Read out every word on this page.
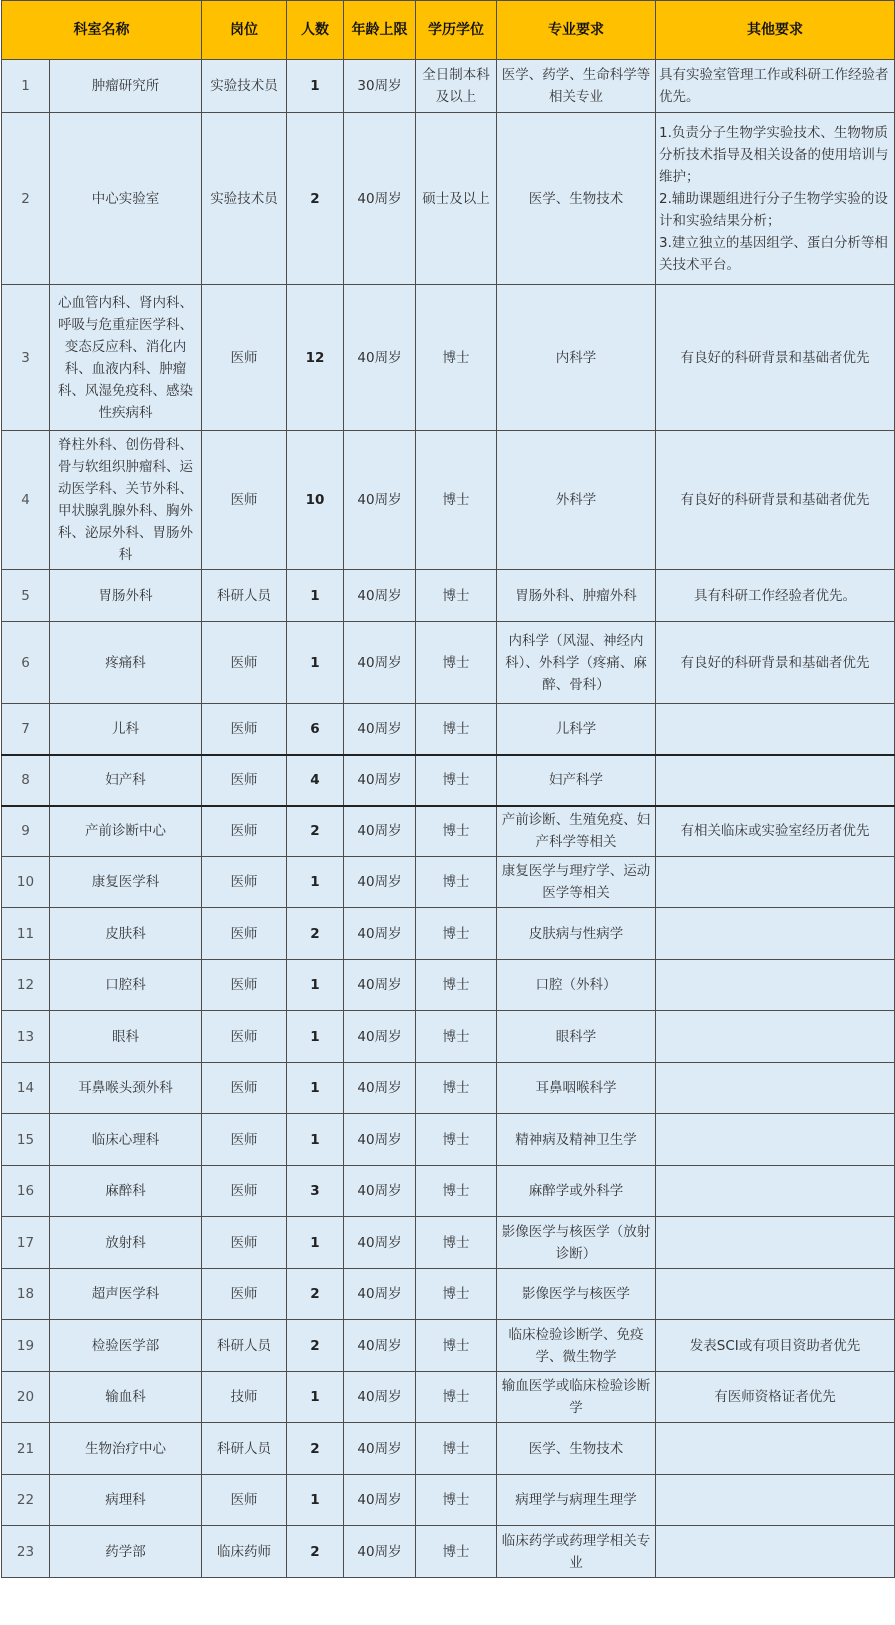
科室名称		岗位	人数	年龄上限	学历学位	专业要求	其他要求
1	肿瘤研究所	实验技术员	1	30周岁	全日制本科及以上	医学、药学、生命科学等相关专业	具有实验室管理工作或科研工作经验者优先。
2	中心实验室	实验技术员	2	40周岁	硕士及以上	医学、生物技术	1.负责分子生物学实验技术、生物物质分析技术指导及相关设备的使用培训与维护；
2.辅助课题组进行分子生物学实验的设计和实验结果分析；
3.建立独立的基因组学、蛋白分析等相关技术平台。
3	心血管内科、肾内科、呼吸与危重症医学科、变态反应科、消化内科、血液内科、肿瘤科、风湿免疫科、感染性疾病科	医师	12	40周岁	博士	内科学	有良好的科研背景和基础者优先
4	脊柱外科、创伤骨科、骨与软组织肿瘤科、运动医学科、关节外科、甲状腺乳腺外科、胸外科、泌尿外科、胃肠外科	医师	10	40周岁	博士	外科学	有良好的科研背景和基础者优先
5	胃肠外科	科研人员	1	40周岁	博士	胃肠外科、肿瘤外科	具有科研工作经验者优先。
6	疼痛科	医师	1	40周岁	博士	内科学（风湿、神经内科）、外科学（疼痛、麻醉、骨科）	有良好的科研背景和基础者优先
7	儿科	医师	6	40周岁	博士	儿科学	
8	妇产科	医师	4	40周岁	博士	妇产科学	
9	产前诊断中心	医师	2	40周岁	博士	产前诊断、生殖免疫、妇产科学等相关	有相关临床或实验室经历者优先
10	康复医学科	医师	1	40周岁	博士	康复医学与理疗学、运动医学等相关	
11	皮肤科	医师	2	40周岁	博士	皮肤病与性病学	
12	口腔科	医师	1	40周岁	博士	口腔（外科）	
13	眼科	医师	1	40周岁	博士	眼科学	
14	耳鼻喉头颈外科	医师	1	40周岁	博士	耳鼻咽喉科学	
15	临床心理科	医师	1	40周岁	博士	精神病及精神卫生学	
16	麻醉科	医师	3	40周岁	博士	麻醉学或外科学	
17	放射科	医师	1	40周岁	博士	影像医学与核医学（放射诊断）	
18	超声医学科	医师	2	40周岁	博士	影像医学与核医学	
19	检验医学部	科研人员	2	40周岁	博士	临床检验诊断学、免疫学、微生物学	发表SCI或有项目资助者优先
20	输血科	技师	1	40周岁	博士	输血医学或临床检验诊断学	有医师资格证者优先
21	生物治疗中心	科研人员	2	40周岁	博士	医学、生物技术	
22	病理科	医师	1	40周岁	博士	病理学与病理生理学	
23	药学部	临床药师	2	40周岁	博士	临床药学或药理学相关专业	
